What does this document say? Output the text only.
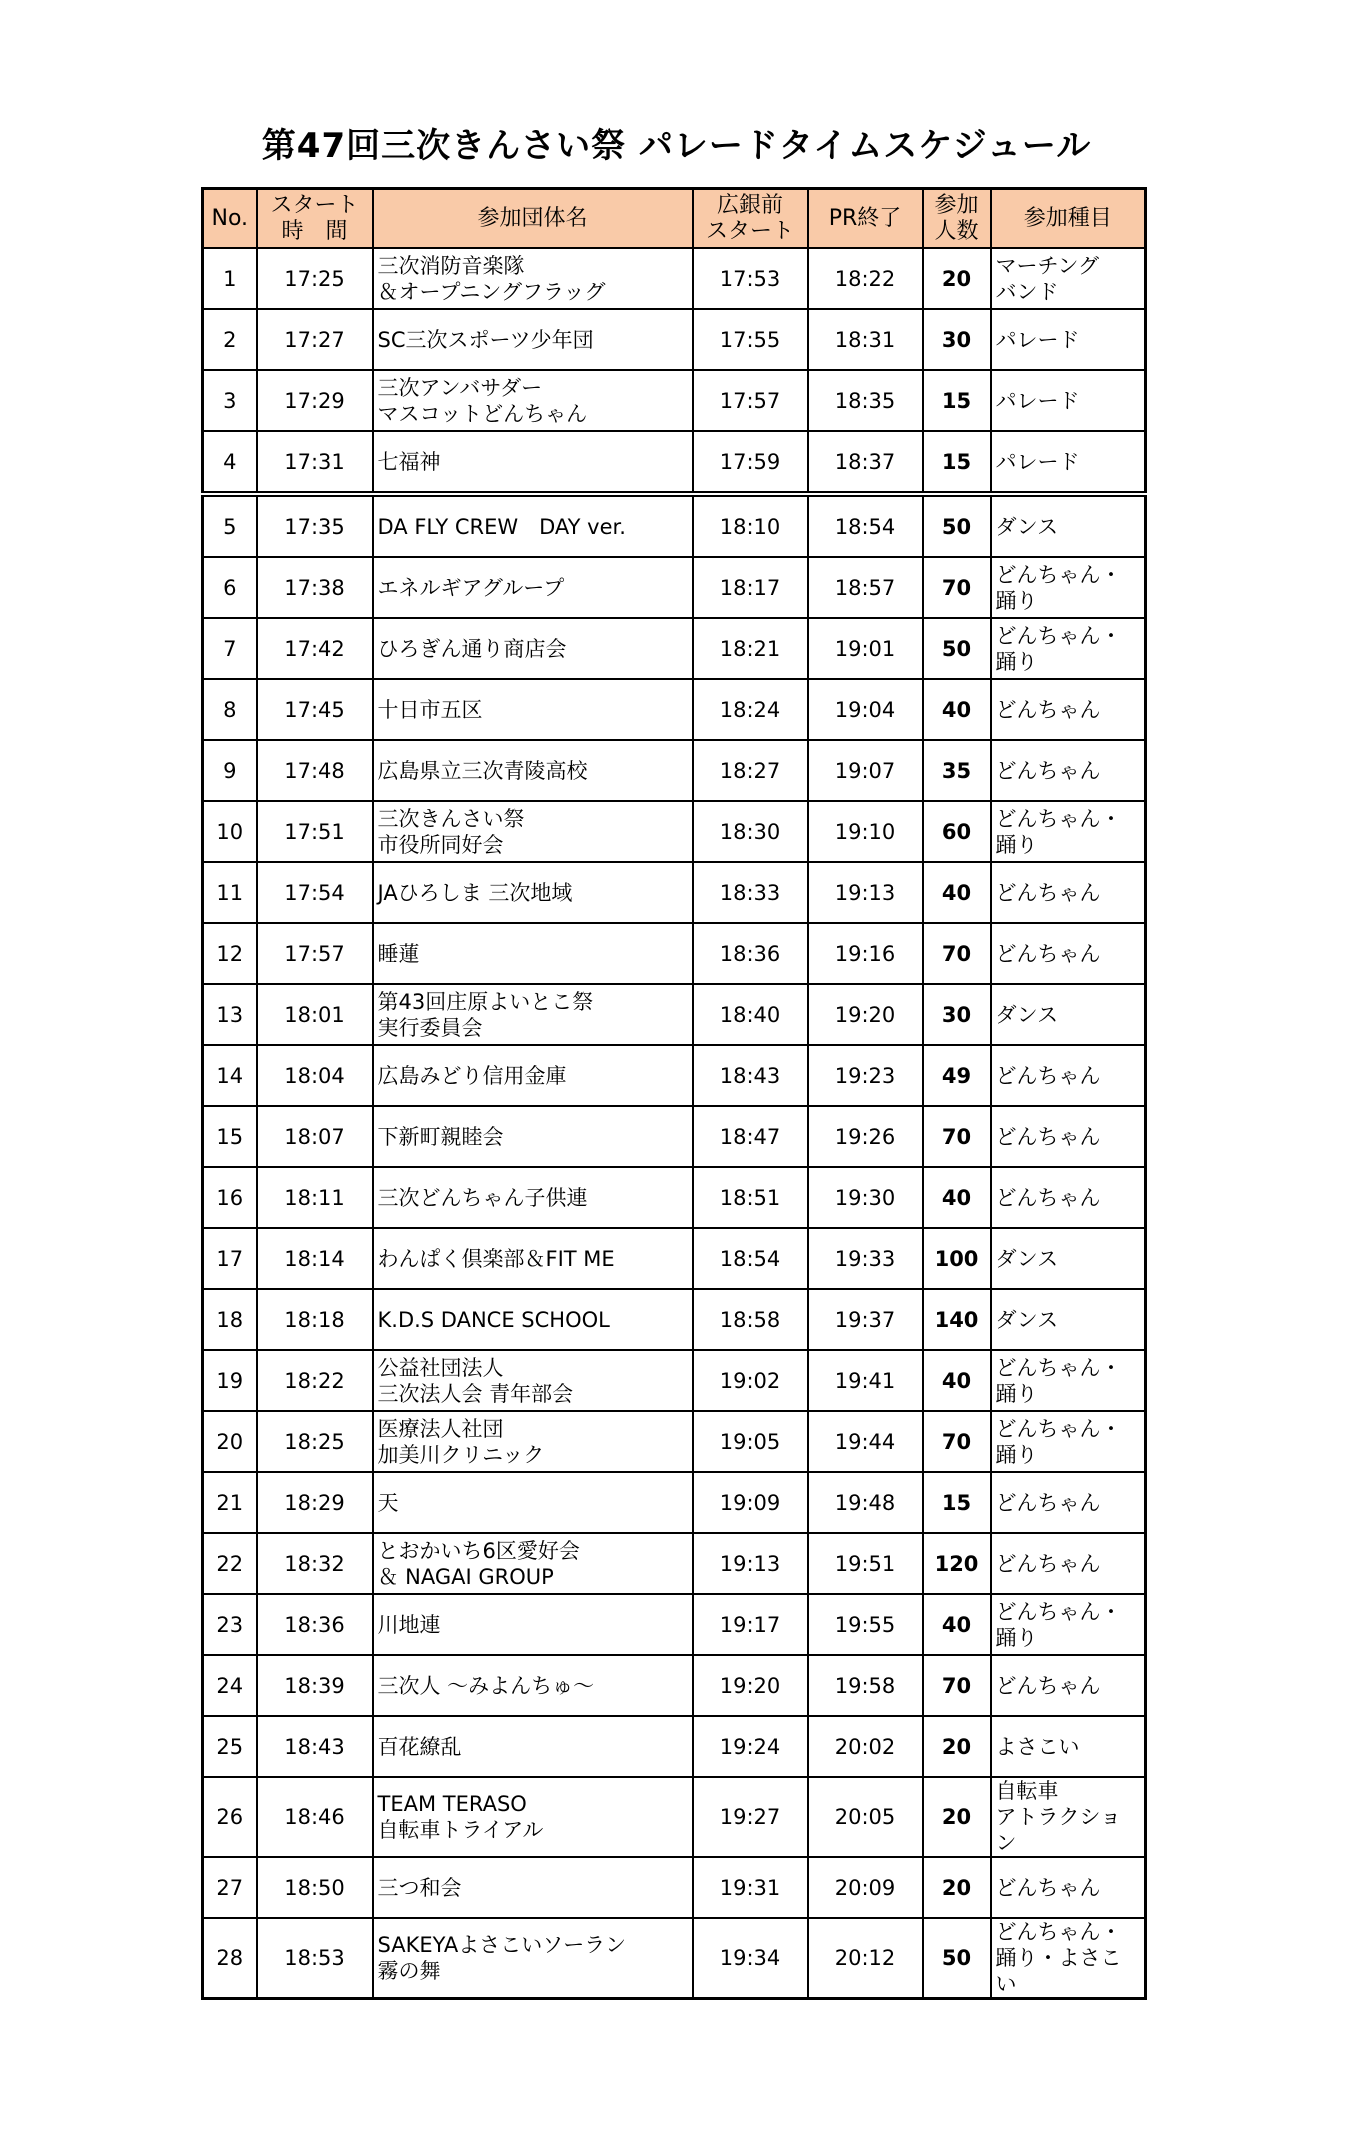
第47回三次きんさい祭 パレードタイムスケジュール
No.	スタート
時　間	参加団体名	広銀前
スタート	PR終了	参加
人数	参加種目
1	17:25	三次消防音楽隊
＆オープニングフラッグ	17:53	18:22	20	マーチング
バンド
2	17:27	SC三次スポーツ少年団	17:55	18:31	30	パレード
3	17:29	三次アンバサダー
マスコットどんちゃん	17:57	18:35	15	パレード
4	17:31	七福神	17:59	18:37	15	パレード
5	17:35	DA FLY CREW　DAY ver.	18:10	18:54	50	ダンス
6	17:38	エネルギアグループ	18:17	18:57	70	どんちゃん・
踊り
7	17:42	ひろぎん通り商店会	18:21	19:01	50	どんちゃん・
踊り
8	17:45	十日市五区	18:24	19:04	40	どんちゃん
9	17:48	広島県立三次青陵高校	18:27	19:07	35	どんちゃん
10	17:51	三次きんさい祭
市役所同好会	18:30	19:10	60	どんちゃん・
踊り
11	17:54	JAひろしま 三次地域	18:33	19:13	40	どんちゃん
12	17:57	睡蓮	18:36	19:16	70	どんちゃん
13	18:01	第43回庄原よいとこ祭
実行委員会	18:40	19:20	30	ダンス
14	18:04	広島みどり信用金庫	18:43	19:23	49	どんちゃん
15	18:07	下新町親睦会	18:47	19:26	70	どんちゃん
16	18:11	三次どんちゃん子供連	18:51	19:30	40	どんちゃん
17	18:14	わんぱく倶楽部＆FIT ME	18:54	19:33	100	ダンス
18	18:18	K.D.S DANCE SCHOOL	18:58	19:37	140	ダンス
19	18:22	公益社団法人
三次法人会 青年部会	19:02	19:41	40	どんちゃん・
踊り
20	18:25	医療法人社団
加美川クリニック	19:05	19:44	70	どんちゃん・
踊り
21	18:29	天	19:09	19:48	15	どんちゃん
22	18:32	とおかいち6区愛好会
＆ NAGAI GROUP	19:13	19:51	120	どんちゃん
23	18:36	川地連	19:17	19:55	40	どんちゃん・
踊り
24	18:39	三次人 ～みよんちゅ～	19:20	19:58	70	どんちゃん
25	18:43	百花繚乱	19:24	20:02	20	よさこい
26	18:46	TEAM TERASO
自転車トライアル	19:27	20:05	20	自転車
アトラクション
27	18:50	三つ和会	19:31	20:09	20	どんちゃん
28	18:53	SAKEYAよさこいソーラン
霧の舞	19:34	20:12	50	どんちゃん・
踊り・よさこい
